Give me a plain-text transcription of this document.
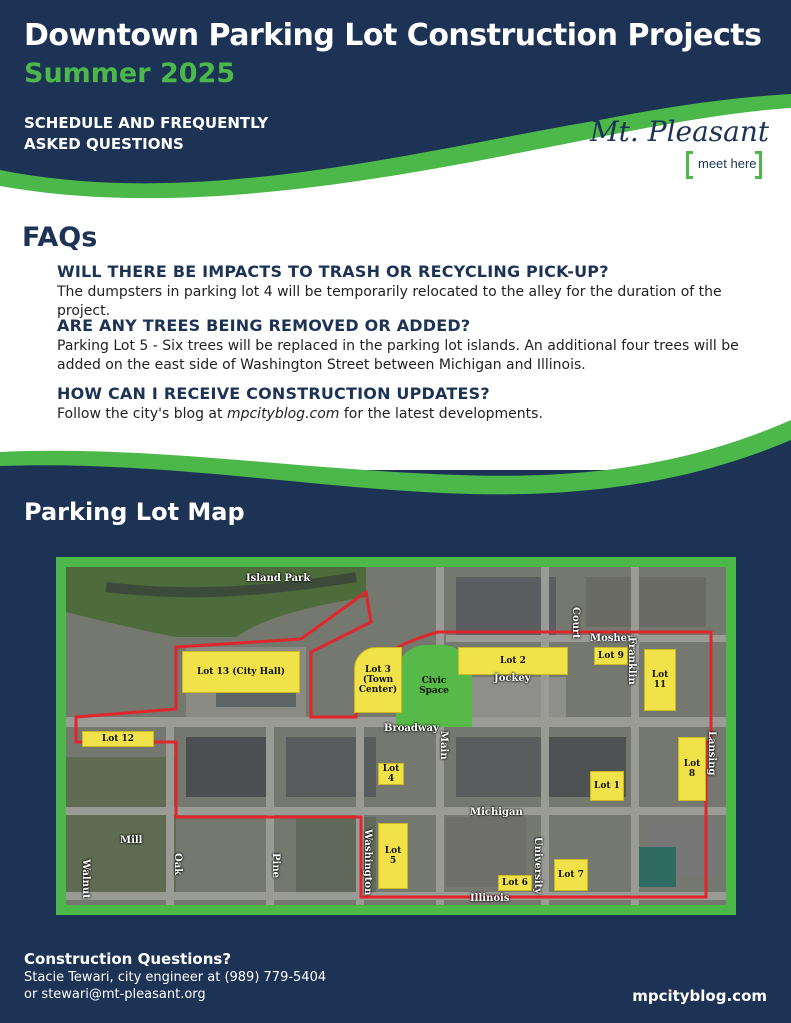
Downtown Parking Lot Construction Projects
Summer 2025
SCHEDULE AND FREQUENTLY ASKED QUESTIONS	Mt. Pleasant
meet here
FAQs
WILL THERE BE IMPACTS TO TRASH OR RECYCLING PICK-UP?
The dumpsters in parking lot 4 will be temporarily relocated to the alley for the duration of the project.
ARE ANY TREES BEING REMOVED OR ADDED?
Parking Lot 5 - Six trees will be replaced in the parking lot islands. An additional four trees will be added on the east side of Washington Street between Michigan and Illinois.
HOW CAN I RECEIVE CONSTRUCTION UPDATES?
Follow the city's blog at mpcityblog.com for the latest developments.
Parking Lot Map
Civic
Space
Lot 13 (City Hall)	Lot 3
(Town Center)
Lot 2	Lot 9
Lot
11
Lot 12
Lot 4
Lot 1
Lot
8
Lot
5
Lot 6
Lot 7
Island Park
Court Mosher
Franklin
Jockey
Broadway
Main	Lansing
Michigan
Washington	University
Illinois
Mill
Oak	Pine
Walnut
Construction Questions?
Stacie Tewari, city engineer at (989) 779-5404
or stewari@mt-pleasant.org	mpcityblog.com
